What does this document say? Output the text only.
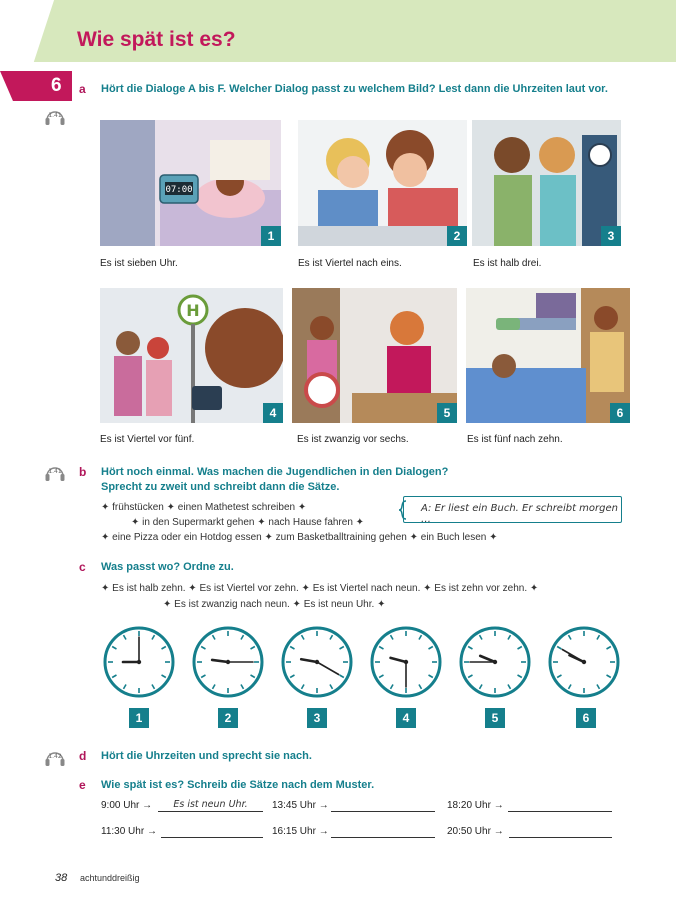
Wie spät ist es?
6 a Hört die Dialoge A bis F. Welcher Dialog passt zu welchem Bild? Lest dann die Uhrzeiten laut vor.
1.41
07:00
1	2	3
Es ist sieben Uhr.	Es ist Viertel nach eins.	Es ist halb drei.
H
4	5	6
Es ist Viertel vor fünf.	Es ist zwanzig vor sechs.	Es ist fünf nach zehn.
1.41	b Hört noch einmal. Was machen die Jugendlichen in den Dialogen?
Sprecht zu zweit und schreibt dann die Sätze.
✦ frühstücken ✦ einen Mathetest schreiben ✦
✦ in den Supermarkt gehen ✦ nach Hause fahren ✦
✦ eine Pizza oder ein Hotdog essen ✦ zum Basketballtraining gehen ✦ ein Buch lesen ✦
A: Er liest ein Buch. Er schreibt morgen …
c Was passt wo? Ordne zu.
✦ Es ist halb zehn. ✦ Es ist Viertel vor zehn. ✦ Es ist Viertel nach neun. ✦ Es ist zehn vor zehn. ✦
✦ Es ist zwanzig nach neun. ✦ Es ist neun Uhr. ✦
1	2	3	4	5	6
1.42	d Hört die Uhrzeiten und sprecht sie nach.
e Wie spät ist es? Schreib die Sätze nach dem Muster.
9:00 Uhr →	Es ist neun Uhr.	13:45 Uhr →	18:20 Uhr →
11:30 Uhr →	16:15 Uhr →	20:50 Uhr →
38 achtunddreißig
